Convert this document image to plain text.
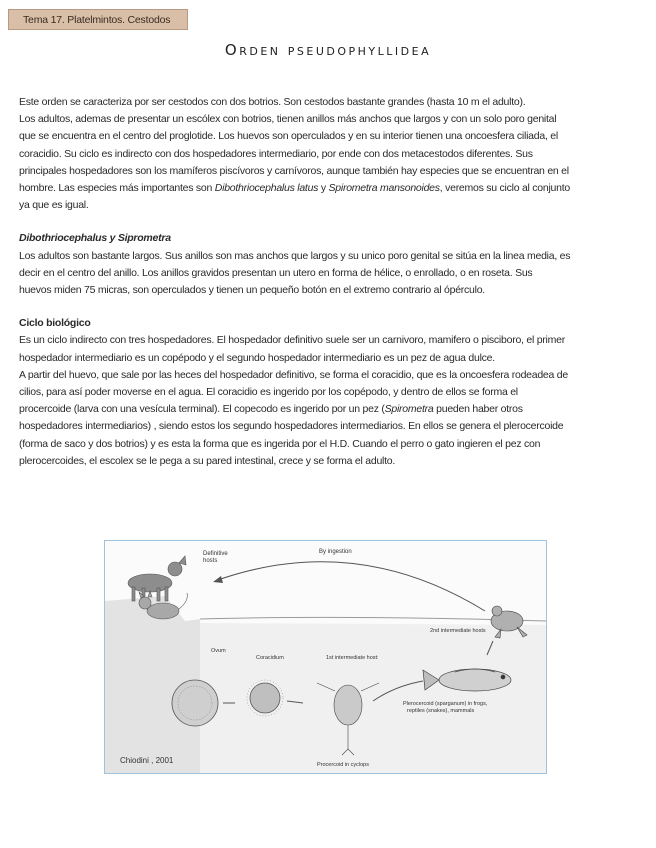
Tema 17. Platelmintos. Cestodos
Orden pseudophyllidea

Este orden se caracteriza por ser cestodos con dos botrios. Son cestodos bastante grandes (hasta 10 m el adulto).

Los adultos, ademas de presentar un escólex con botrios, tienen anillos más anchos que largos y con un solo poro genital

que se encuentra en el centro del proglotide. Los huevos son operculados y en su interior tienen una oncoesfera ciliada, el

coracidio. Su ciclo es indirecto con dos hospedadores intermediario, por ende con dos metacestodos diferentes. Sus

principales hospedadores son los mamíferos piscívoros y carnívoros, aunque también hay especies que se encuentran en el

hombre. Las especies más importantes son Dibothriocephalus latus y Spirometra mansonoides, veremos su ciclo al conjunto

ya que es igual.

Dibothriocephalus y Siprometra

Los adultos son bastante largos. Sus anillos son mas anchos que largos y su unico poro genital se sitúa en la linea media, es

decir en el centro del anillo. Los anillos gravidos presentan un utero en forma de hélice, o enrollado, o en roseta. Sus

huevos miden 75 micras, son operculados y tienen un pequeño botón en el extremo contrario al ópérculo.

Ciclo biológico

Es un ciclo indirecto con tres hospedadores. El hospedador definitivo suele ser un carnivoro, mamifero o pisciboro, el primer

hospedador intermediario es un copépodo y el segundo hospedador intermediario es un pez de agua dulce.

A partir del huevo, que sale por las heces del hospedador definitivo, se forma el coracidio, que es la oncoesfera rodeadea de

cilios, para así poder moverse en el agua. El coracidio es ingerido por los copépodo, y dentro de ellos se forma el

procercoide (larva con una vesícula terminal). El copecodo es ingerido por un pez (Spirometra pueden haber otros

hospedadores intermediarios) , siendo estos los segundo hospedadores intermediarios. En ellos se genera el plerocercoide

(forma de saco y dos botrios) y es esta la forma que es ingerida por el H.D. Cuando el perro o gato ingieren el pez con

plerocercoides, el escolex se le pega a su pared intestinal, crece y se forma el adulto.

Definitive
hosts
By ingestion
2nd intermediate hosts
Ovum
Coracidium	1st intermediate host:
Procercoid in cyclops
Plerocercoid (sparganum) in frogs,
reptiles (snakes), mammals
Chiodini , 2001
